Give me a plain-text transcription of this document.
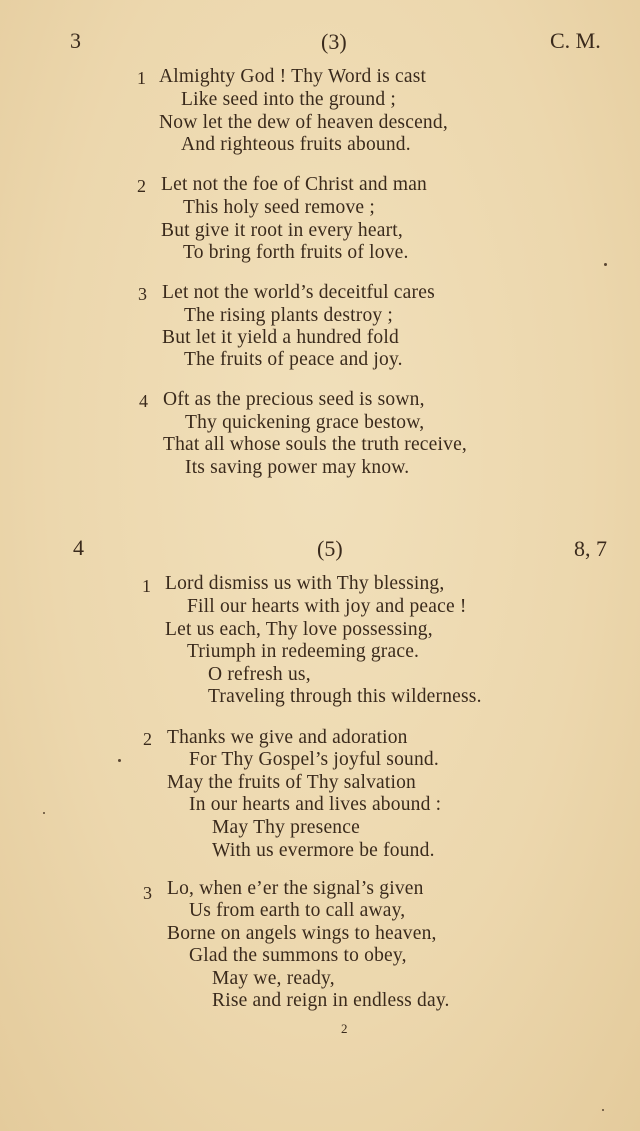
3	(3)	C. M.
1 Almighty God ! Thy Word is cast
Like seed into the ground ;
Now let the dew of heaven descend,
And righteous fruits abound.
2 Let not the foe of Christ and man
This holy seed remove ;
But give it root in every heart,
To bring forth fruits of love.
3 Let not the world’s deceitful cares
The rising plants destroy ;
But let it yield a hundred fold
The fruits of peace and joy.
4 Oft as the precious seed is sown,
Thy quickening grace bestow,
That all whose souls the truth receive,
Its saving power may know.
4	(5)	8, 7
1 Lord dismiss us with Thy blessing,
Fill our hearts with joy and peace !
Let us each, Thy love possessing,
Triumph in redeeming grace.
O refresh us,
Traveling through this wilderness.
2 Thanks we give and adoration
For Thy Gospel’s joyful sound.
May the fruits of Thy salvation
In our hearts and lives abound :
May Thy presence
With us evermore be found.
3 Lo, when e’er the signal’s given
Us from earth to call away,
Borne on angels wings to heaven,
Glad the summons to obey,
May we, ready,
Rise and reign in endless day.
2
